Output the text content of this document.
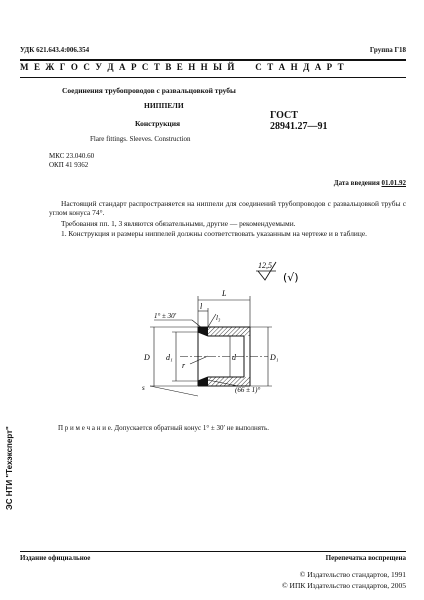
УДК 621.643.4:006.354	Группа Г18
М Е Ж Г О С У Д А Р С Т В Е Н Н Ы Й     С Т А Н Д А Р Т
Соединения трубопроводов с развальцовкой трубы
НИППЕЛИ
Конструкция
Flare fittings. Sleeves. Construction
ГОСТ
28941.27—91
МКС 23.040.60
ОКП 41 9362
Дата введения 01.01.92
Настоящий стандарт распространяется на ниппели для соединений трубопроводов с развальцовкой трубы с углом конуса 74°.
Требования пп. 1, 3 являются обязательными, другие — рекомендуемыми.
1. Конструкция и размеры ниппелей должны соответствовать указанным на чертеже и в таблице.
12,5
(√)
L
l
l₃
1° ± 30′
D d₁
r
d	D₁
(66 ± 1)°
s
П р и м е ч а н и е. Допускается обратный конус 1° ± 30′ не выполнять.
Издание официальное	Перепечатка воспрещена
© Издательство стандартов, 1991
© ИПК Издательство стандартов, 2005
ЭС НТИ "Техэксперт"
